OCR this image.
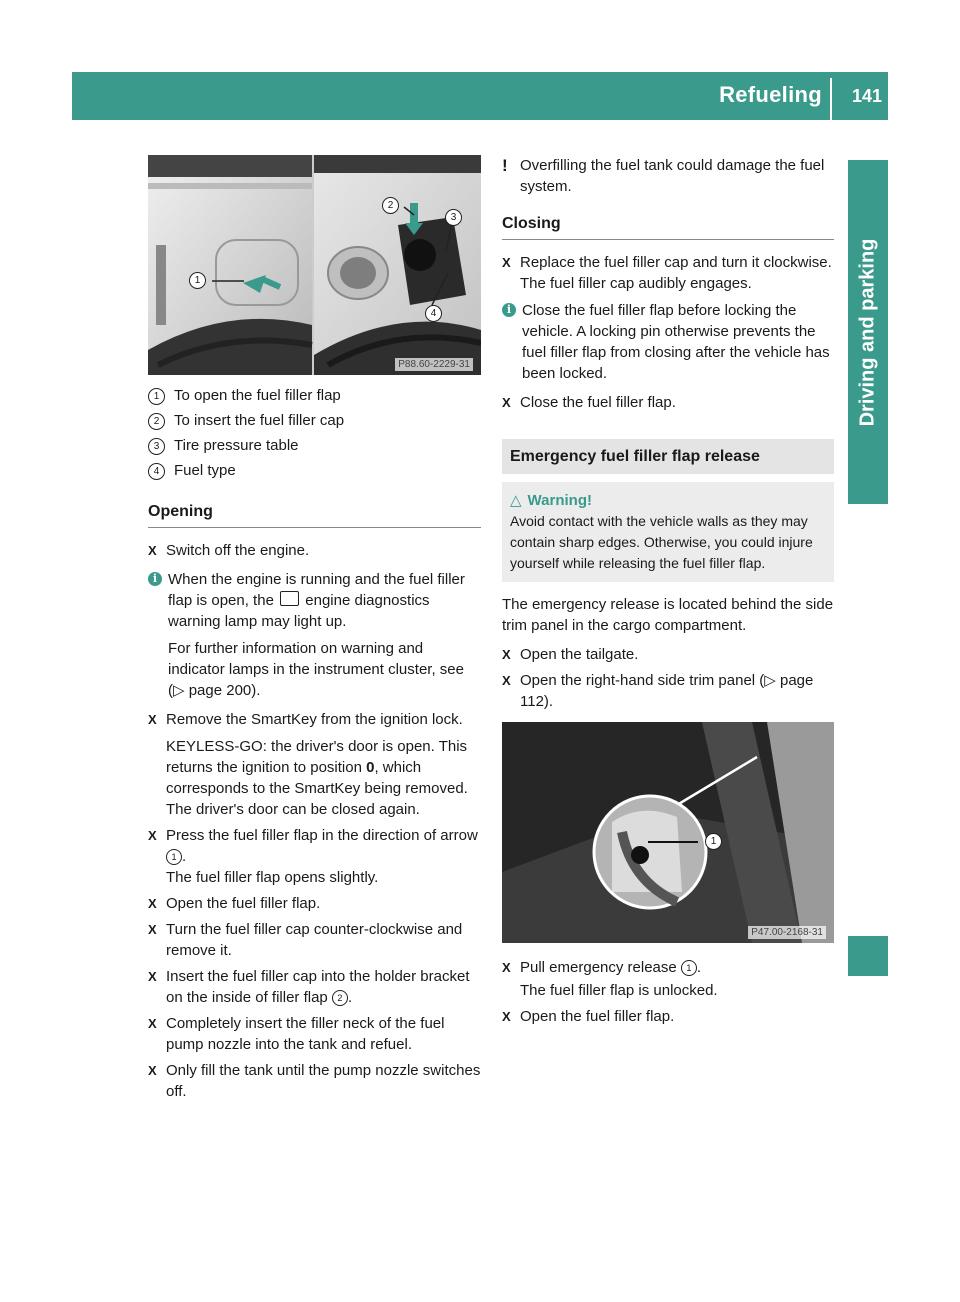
Refueling 141
Driving and parking
1
2
3
4
P88.60-2229-31
1 To open the fuel filler flap
2 To insert the fuel filler cap
3 Tire pressure table
4 Fuel type
Opening
X Switch off the engine.

i When the engine is running and the fuel filler flap is open, the engine diagnostics warning lamp may light up.

For further information on warning and indicator lamps in the instrument cluster, see (▷ page 200).

X Remove the SmartKey from the ignition lock.

KEYLESS-GO: the driver's door is open. This returns the ignition to position 0, which corresponds to the SmartKey being removed. The driver's door can be closed again.

X Press the fuel filler flap in the direction of arrow 1 .

The fuel filler flap opens slightly.

X Open the fuel filler flap.

X Turn the fuel filler cap counter-clockwise and remove it.

X Insert the fuel filler cap into the holder bracket on the inside of filler flap 2 .

X Completely insert the filler neck of the fuel pump nozzle into the tank and refuel.

X Only fill the tank until the pump nozzle switches off.

! Overfilling the fuel tank could damage the fuel system.

Closing
X Replace the fuel filler cap and turn it clockwise. The fuel filler cap audibly engages.

i Close the fuel filler flap before locking the vehicle. A locking pin otherwise prevents the fuel filler flap from closing after the vehicle has been locked.

X Close the fuel filler flap.

Emergency fuel filler flap release
△ Warning!
Avoid contact with the vehicle walls as they may contain sharp edges. Otherwise, you could injure yourself while releasing the fuel filler flap.

The emergency release is located behind the side trim panel in the cargo compartment.

X Open the tailgate.

X Open the right-hand side trim panel (▷ page 112).

1
P47.00-2168-31
X Pull emergency release 1 .

The fuel filler flap is unlocked.

X Open the fuel filler flap.
